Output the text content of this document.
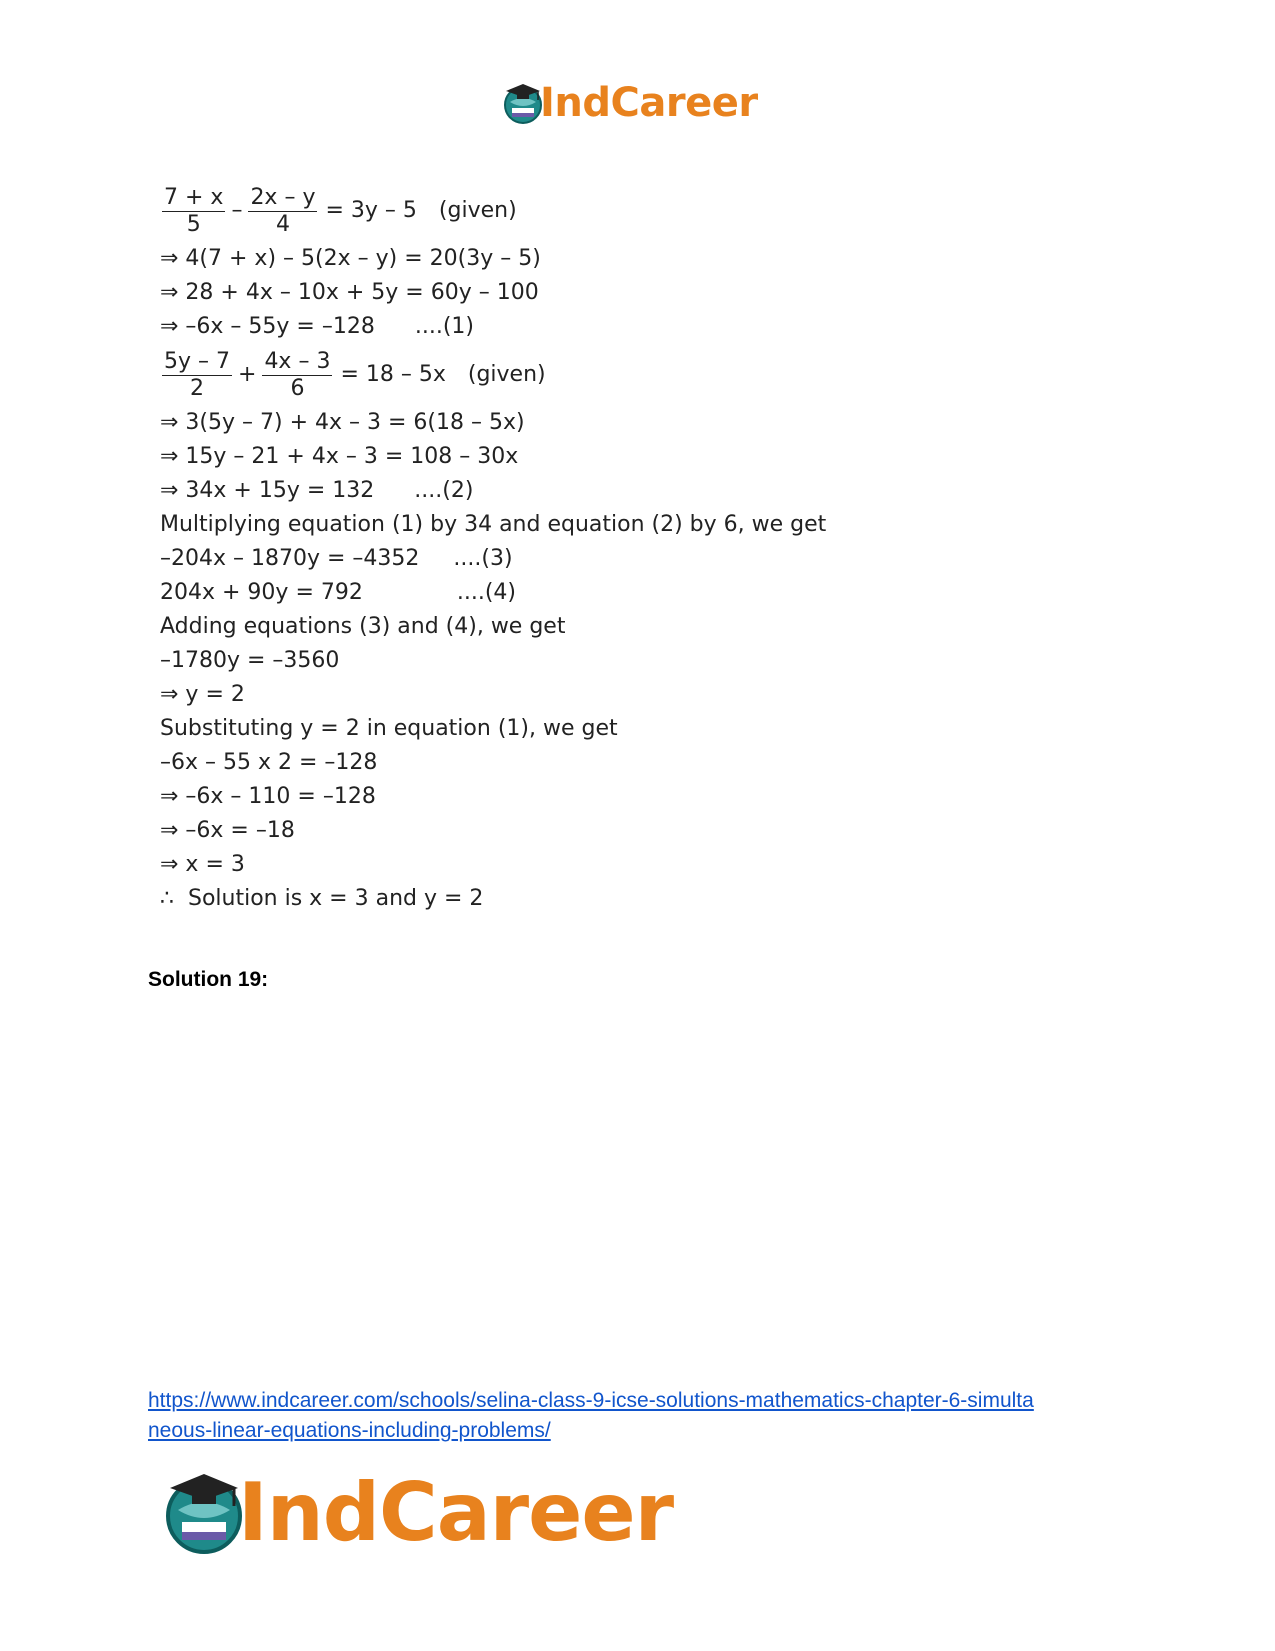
IndCareer
$\frac{7 + x}{5} - \frac{2x - y}{4} = 3y - 5$ (given)
⇒ 4(7 + x) – 5(2x – y) = 20(3y – 5)
⇒ 28 + 4x – 10x + 5y = 60y – 100
⇒ –6x – 55y = –128 ....(1)
$\frac{5y - 7}{2} + \frac{4x - 3}{6} = 18 - 5x$ (given)
⇒ 3(5y – 7) + 4x – 3 = 6(18 – 5x)
⇒ 15y – 21 + 4x – 3 = 108 – 30x
⇒ 34x + 15y = 132 ....(2)
Multiplying equation (1) by 34 and equation (2) by 6, we get
–204x – 1870y = –4352 ....(3)
204x + 90y = 792	....(4)
Adding equations (3) and (4), we get
–1780y = –3560
⇒ y = 2
Substituting y = 2 in equation (1), we get
–6x – 55 x 2 = –128
⇒ –6x – 110 = –128
⇒ –6x = –18
⇒ x = 3
∴  Solution is x = 3 and y = 2
Solution 19:
https://www.indcareer.com/schools/selina-class-9-icse-solutions-mathematics-chapter-6-simulta
neous-linear-equations-including-problems/
IndCareer
